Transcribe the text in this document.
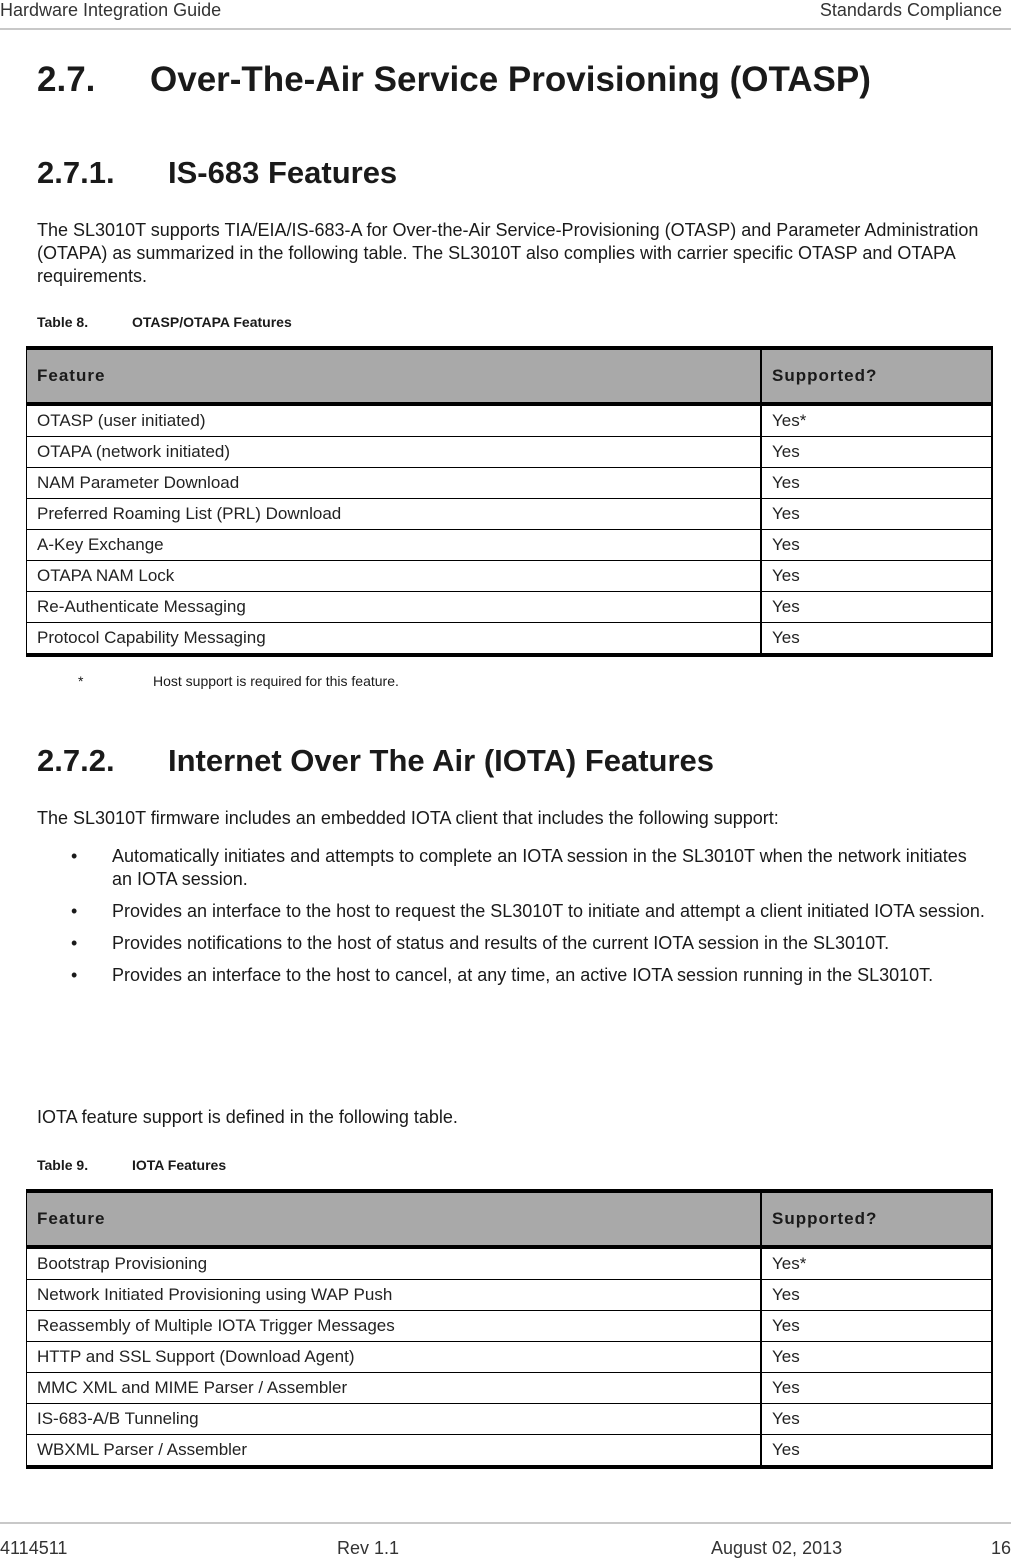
Hardware Integration Guide	Standards Compliance
2.7. Over-The-Air Service Provisioning (OTASP)
2.7.1. IS-683 Features

The SL3010T supports TIA/EIA/IS-683-A for Over-the-Air Service-Provisioning (OTASP) and Parameter Administration (OTAPA) as summarized in the following table. The SL3010T also complies with carrier specific OTASP and OTAPA requirements.

Table 8.	OTASP/OTAPA Features

Feature	Supported?
OTASP (user initiated)	Yes*
OTAPA (network initiated)	Yes
NAM Parameter Download	Yes
Preferred Roaming List (PRL) Download	Yes
A-Key Exchange	Yes
OTAPA NAM Lock	Yes
Re-Authenticate Messaging	Yes
Protocol Capability Messaging	Yes

*	Host support is required for this feature.

2.7.2. Internet Over The Air (IOTA) Features

The SL3010T firmware includes an embedded IOTA client that includes the following support:

• Automatically initiates and attempts to complete an IOTA session in the SL3010T when the network initiates an IOTA session.
• Provides an interface to the host to request the SL3010T to initiate and attempt a client initiated IOTA session.
• Provides notifications to the host of status and results of the current IOTA session in the SL3010T.
• Provides an interface to the host to cancel, at any time, an active IOTA session running in the SL3010T.

IOTA feature support is defined in the following table.

Table 9.	IOTA Features

Feature	Supported?
Bootstrap Provisioning	Yes*
Network Initiated Provisioning using WAP Push	Yes
Reassembly of Multiple IOTA Trigger Messages	Yes
HTTP and SSL Support (Download Agent)	Yes
MMC XML and MIME Parser / Assembler	Yes
IS-683-A/B Tunneling	Yes
WBXML Parser / Assembler	Yes
4114511	Rev 1.1	August 02, 2013	16
